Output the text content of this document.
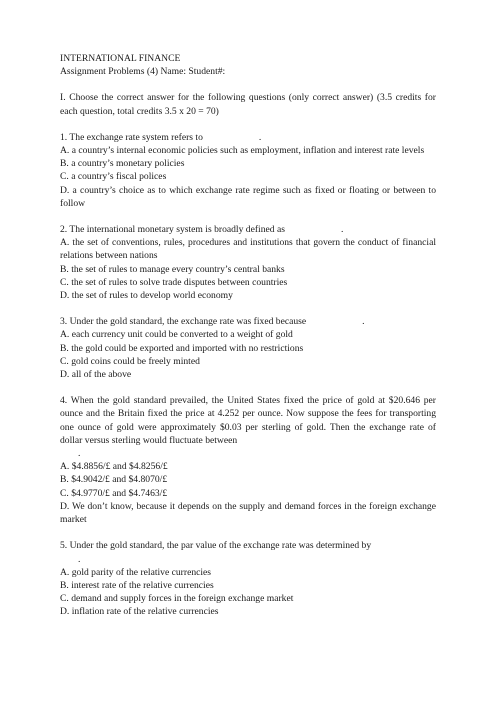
INTERNATIONAL FINANCE
Assignment Problems (4) Name: Student#:
I. Choose the correct answer for the following questions (only correct answer) (3.5 credits for each question, total credits 3.5 x 20 = 70)
1. The exchange rate system refers to	.
A. a country’s internal economic policies such as employment, inflation and interest rate levels
B. a country’s monetary policies
C. a country’s fiscal polices
D. a country’s choice as to which exchange rate regime such as fixed or floating or between to follow
2. The international monetary system is broadly defined as	.
A. the set of conventions, rules, procedures and institutions that govern the conduct of financial relations between nations
B. the set of rules to manage every country’s central banks
C. the set of rules to solve trade disputes between countries
D. the set of rules to develop world economy
3. Under the gold standard, the exchange rate was fixed because	.
A. each currency unit could be converted to a weight of gold
B. the gold could be exported and imported with no restrictions
C. gold coins could be freely minted
D. all of the above
4. When the gold standard prevailed, the United States fixed the price of gold at $20.646 per ounce and the Britain fixed the price at 4.252 per ounce. Now suppose the fees for transporting one ounce of gold were approximately $0.03 per sterling of gold. Then the exchange rate of dollar versus sterling would fluctuate between
.
A. $4.8856/£ and $4.8256/£
B. $4.9042/£ and $4.8070/£
C. $4.9770/£ and $4.7463/£
D. We don’t know, because it depends on the supply and demand forces in the foreign exchange market
5. Under the gold standard, the par value of the exchange rate was determined by
.
A. gold parity of the relative currencies
B. interest rate of the relative currencies
C. demand and supply forces in the foreign exchange market
D. inflation rate of the relative currencies
